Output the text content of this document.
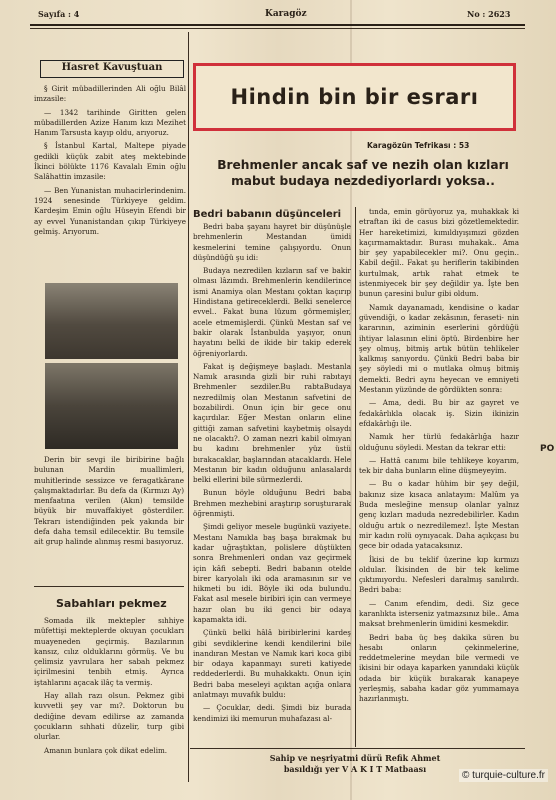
Sayıfa : 4	Karagöz	No : 2623
Hasret Kavuştuan

§ Girit mübadillerinden Ali oğlu Bilâl imzasile:

— 1342 tarihinde Giritten gelen mübadillerden Azize Hanım kızı Mezihet Hanım Tarsusta kayıp oldu, arıyoruz.

§ İstanbul Kartal, Maltepe piyade gedikli küçük zabit ateş mektebinde İkinci bölükte 1176 Kavalalı Emin oğlu Salâhattin imzasile:

— Ben Yunanistan muhacirlerindenim. 1924 senesinde Türkiyeye geldim. Kardeşim Emin oğlu Hüseyin Efendi bir ay evvel Yunanistandan çıkıp Türkiyeye gelmiş. Arıyorum.

Derin bir sevgi ile biribirine bağlı bulunan Mardin muallimleri, muhitlerinde sessizce ve feragatkârane çalışmaktadırlar. Bu defa da (Kırmızı Ay) menfaatına verilen (Akın) temsilde büyük bir muvaffakiyet gösterdiler. Tekrarı istendiğinden pek yakında bir defa daha temsil edilecektir. Bu temsile ait grup halinde alınmış resmi basıyoruz.

Sabahları pekmez

Somada ilk mektepler sıhhiye müfettişi mekteplerde okuyan çocukları muayeneden geçirmiş. Bazılarının kansız, cılız olduklarını görmüş. Ve bu çelimsiz yavrulara her sabah pekmez içirilmesini tenbih etmiş. Ayrıca iştahlarını açacak ilâç ta vermiş.

Hay allah razı olsun. Pekmez gibi kuvvetli şey var mı?. Doktorun bu dediğine devam edilirse az zamanda çocukların sıhhati düzelir, turp gibi olurlar.

Amanın bunlara çok dikat edelim.

Hindin bin bir esrarı
Karagözün Tefrikası : 53
Brehmenler ancak saf ve nezih olan kızları mabut budaya nezdediyorlardı yoksa..
Bedri babanın düşünceleri

Bedri baba şayanı hayret bir düşünüşle brehmenlerin Mestandan ümidi kesmelerini temine çalışıyordu. Onun düşündüğü şu idi:

Budaya nezredilen kızların saf ve bakir olması lâzımdı. Brehmenlerin kendilerince ismi Anamiya olan Mestanı çoktan kaçırıp Hindistana getireceklerdi. Belki senelerce evvel.. Fakat buna lüzum görmemişler, acele etmemişlerdi. Çünkü Mestan saf ve bakir olarak İstanbulda yaşıyor, onun hayatını belki de ikide bir takip ederek öğreniyorlardı.

Fakat iş değişmeye başladı. Mestanla Namık arasında gizli bir ruhi rabıtayı Brehmenler sezdiler.Bu rabtaBudaya nezredilmiş olan Mestanın safvetini de bozabilirdi. Onun için bir gece onu kaçırdılar. Eğer Mestan onların eline gittiği zaman safvetini kaybetmiş olsaydı ne olacaktı?. O zaman nezri kabil olmıyan bu kadını brehmenler yüz üstü bırakacaklar, başlarından atacaklardı. Hele Mestanın bir kadın olduğunu anlasalardı belki ellerini bile sürmezlerdi.

Bunun böyle olduğunu Bedri baba Brehmen mezhebini araştırıp soruşturarak öğrenmişti.

Şimdi geliyor mesele bugünkü vaziyete. Mestanı Namıkla baş başa bırakmak bu kadar uğraştıktan, polislere düştükten sonra Brehmenleri ondan vaz geçirmek için kâfi sebepti. Bedri babanın otelde birer karyolalı iki oda aramasının sır ve hikmeti bu idi. Böyle iki oda bulundu. Fakat asıl mesele biribiri için can vermeye hazır olan bu iki genci bir odaya kapamakta idi.

Çünkü belki hâlâ biribirlerini kardeş gibi sevdiklerine kendi kendilerini bile inandıran Mestan ve Namık kari koca gibi bir odaya kapanmayı sureti katiyede reddederlerdi. Bu muhakkaktı. Onun için Bedri baba meseleyi açıktan açığa onlara anlatmayı muvafık buldu:

— Çocuklar, dedi. Şimdi biz burada kendimizi iki memurun muhafazası al-

tında, emin görüyoruz ya, muhakkak ki etraftan iki de casus bizi gözetlemektedir. Her hareketimizi, kımıldıyışımızi gözden kaçırmamaktadır. Burası muhakak.. Ama bir şey yapabilecekler mi?. Onu geçin.. Kabil değil.. Fakat şu heriflerin takibinden kurtulmak, artık rahat etmek te istenmiyecek bir şey değildir ya. İşte ben bunun çaresini bulur gibi oldum.

Namık dayanamadı, kendisine o kadar güvendiği, o kadar zekâsının, feraseti- nin kararının, aziminin eserlerini gördüğü ihtiyar lalasının elini öptü. Birdenbire her şey olmuş, bitmiş artık bütün tehlikeler kalkmış sanıyordu. Çünkü Bedri baba bir şey söyledi mi o mutlaka olmuş bitmiş demekti. Bedri aynı heyecan ve emniyeti Mestanın yüzünde de gördükten sonra:

— Ama, dedi. Bu bir az gayret ve fedakârlıkla olacak iş. Sizin ikinizin efdakârlığı ile.

Namık her türlü fedakârlığa hazır olduğunu söyledi. Mestan da tekrar etti:

— Hattâ canımı bile tehlikeye koyarım, tek bir daha bunların eline düşmeyeyim.

— Bu o kadar hühim bir şey değil, bakınız size kısaca anlatayım: Malûm ya Buda mesleğine mensup olanlar yalnız genç kızları maduda nezredebilirler. Kadın olduğu artık o nezredilemez!. İşte Mestan mir kadın rolü oynıyacak. Daha açıkçası bu gece bir odada yatacaksınız.

İkisi de bu teklif üzerine kıp kırmızı oldular. İkisinden de bir tek kelime çıktımıyordu. Nefesleri daralmış sanılırdı. Bedri baba:

— Canım efendim, dedi. Siz gece karanlıkta isterseniz yatmazsınız bile.. Ama maksat brehmenlerin ümidini kesmekdir.

Bedri baba üç beş dakika süren bu hesabı onların çekinmelerine, reddetmelerine meydan bile vermedi ve ikisini bir odaya kaparken yanındaki küçük odada bir küçük bırakarak kanapeye yerleşmiş, sabaha kadar göz yummamaya hazırlanmıştı.

Sahip ve neşriyatmi dürü Refik Ahmet
basıldığı yer V A K I T Matbaası
PO
© turquie-culture.fr
